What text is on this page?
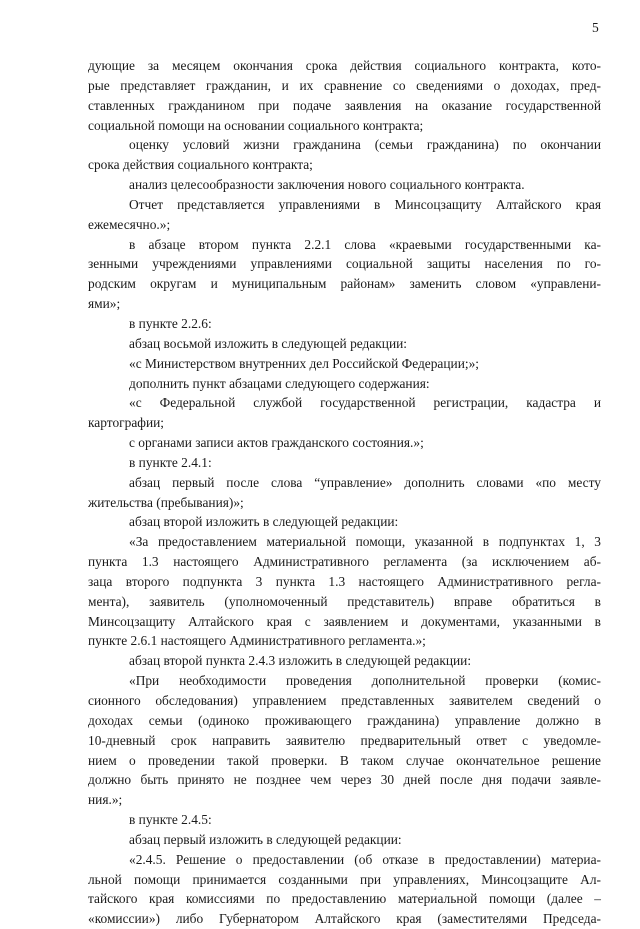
5
дующие за месяцем окончания срока действия социального контракта, кото-
рые представляет гражданин, и их сравнение со сведениями о доходах, пред-
ставленных гражданином при подаче заявления на оказание государственной
социальной помощи на основании социального контракта;
оценку условий жизни гражданина (семьи гражданина) по окончании
срока действия социального контракта;
анализ целесообразности заключения нового социального контракта.
Отчет представляется управлениями в Минсоцзащиту Алтайского края
ежемесячно.»;
в абзаце втором пункта 2.2.1 слова «краевыми государственными ка-
зенными учреждениями управлениями социальной защиты населения по го-
родским округам и муниципальным районам» заменить словом «управлени-
ями»;
в пункте 2.2.6:
абзац восьмой изложить в следующей редакции:
«с Министерством внутренних дел Российской Федерации;»;
дополнить пункт абзацами следующего содержания:
«с Федеральной службой государственной регистрации, кадастра и
картографии;
с органами записи актов гражданского состояния.»;
в пункте 2.4.1:
абзац первый после слова “управление» дополнить словами «по месту
жительства (пребывания)»;
абзац второй изложить в следующей редакции:
«За предоставлением материальной помощи, указанной в подпунктах 1, 3
пункта 1.3 настоящего Административного регламента (за исключением аб-
заца второго подпункта 3 пункта 1.3 настоящего Административного регла-
мента), заявитель (уполномоченный представитель) вправе обратиться в
Минсоцзащиту Алтайского края с заявлением и документами, указанными в
пункте 2.6.1 настоящего Административного регламента.»;
абзац второй пункта 2.4.3 изложить в следующей редакции:
«При необходимости проведения дополнительной проверки (комис-
сионного обследования) управлением представленных заявителем сведений о
доходах семьи (одиноко проживающего гражданина) управление должно в
10-дневный срок направить заявителю предварительный ответ с уведомле-
нием о проведении такой проверки. В таком случае окончательное решение
должно быть принято не позднее чем через 30 дней после дня подачи заявле-
ния.»;
в пункте 2.4.5:
абзац первый изложить в следующей редакции:
«2.4.5. Решение о предоставлении (об отказе в предоставлении) материа-
льной помощи принимается созданными при управлениях, Минсоцзащите Ал-
тайского края комиссиями по предоставлению материальной помощи (далее –
«комиссии») либо Губернатором Алтайского края (заместителями Председа-
